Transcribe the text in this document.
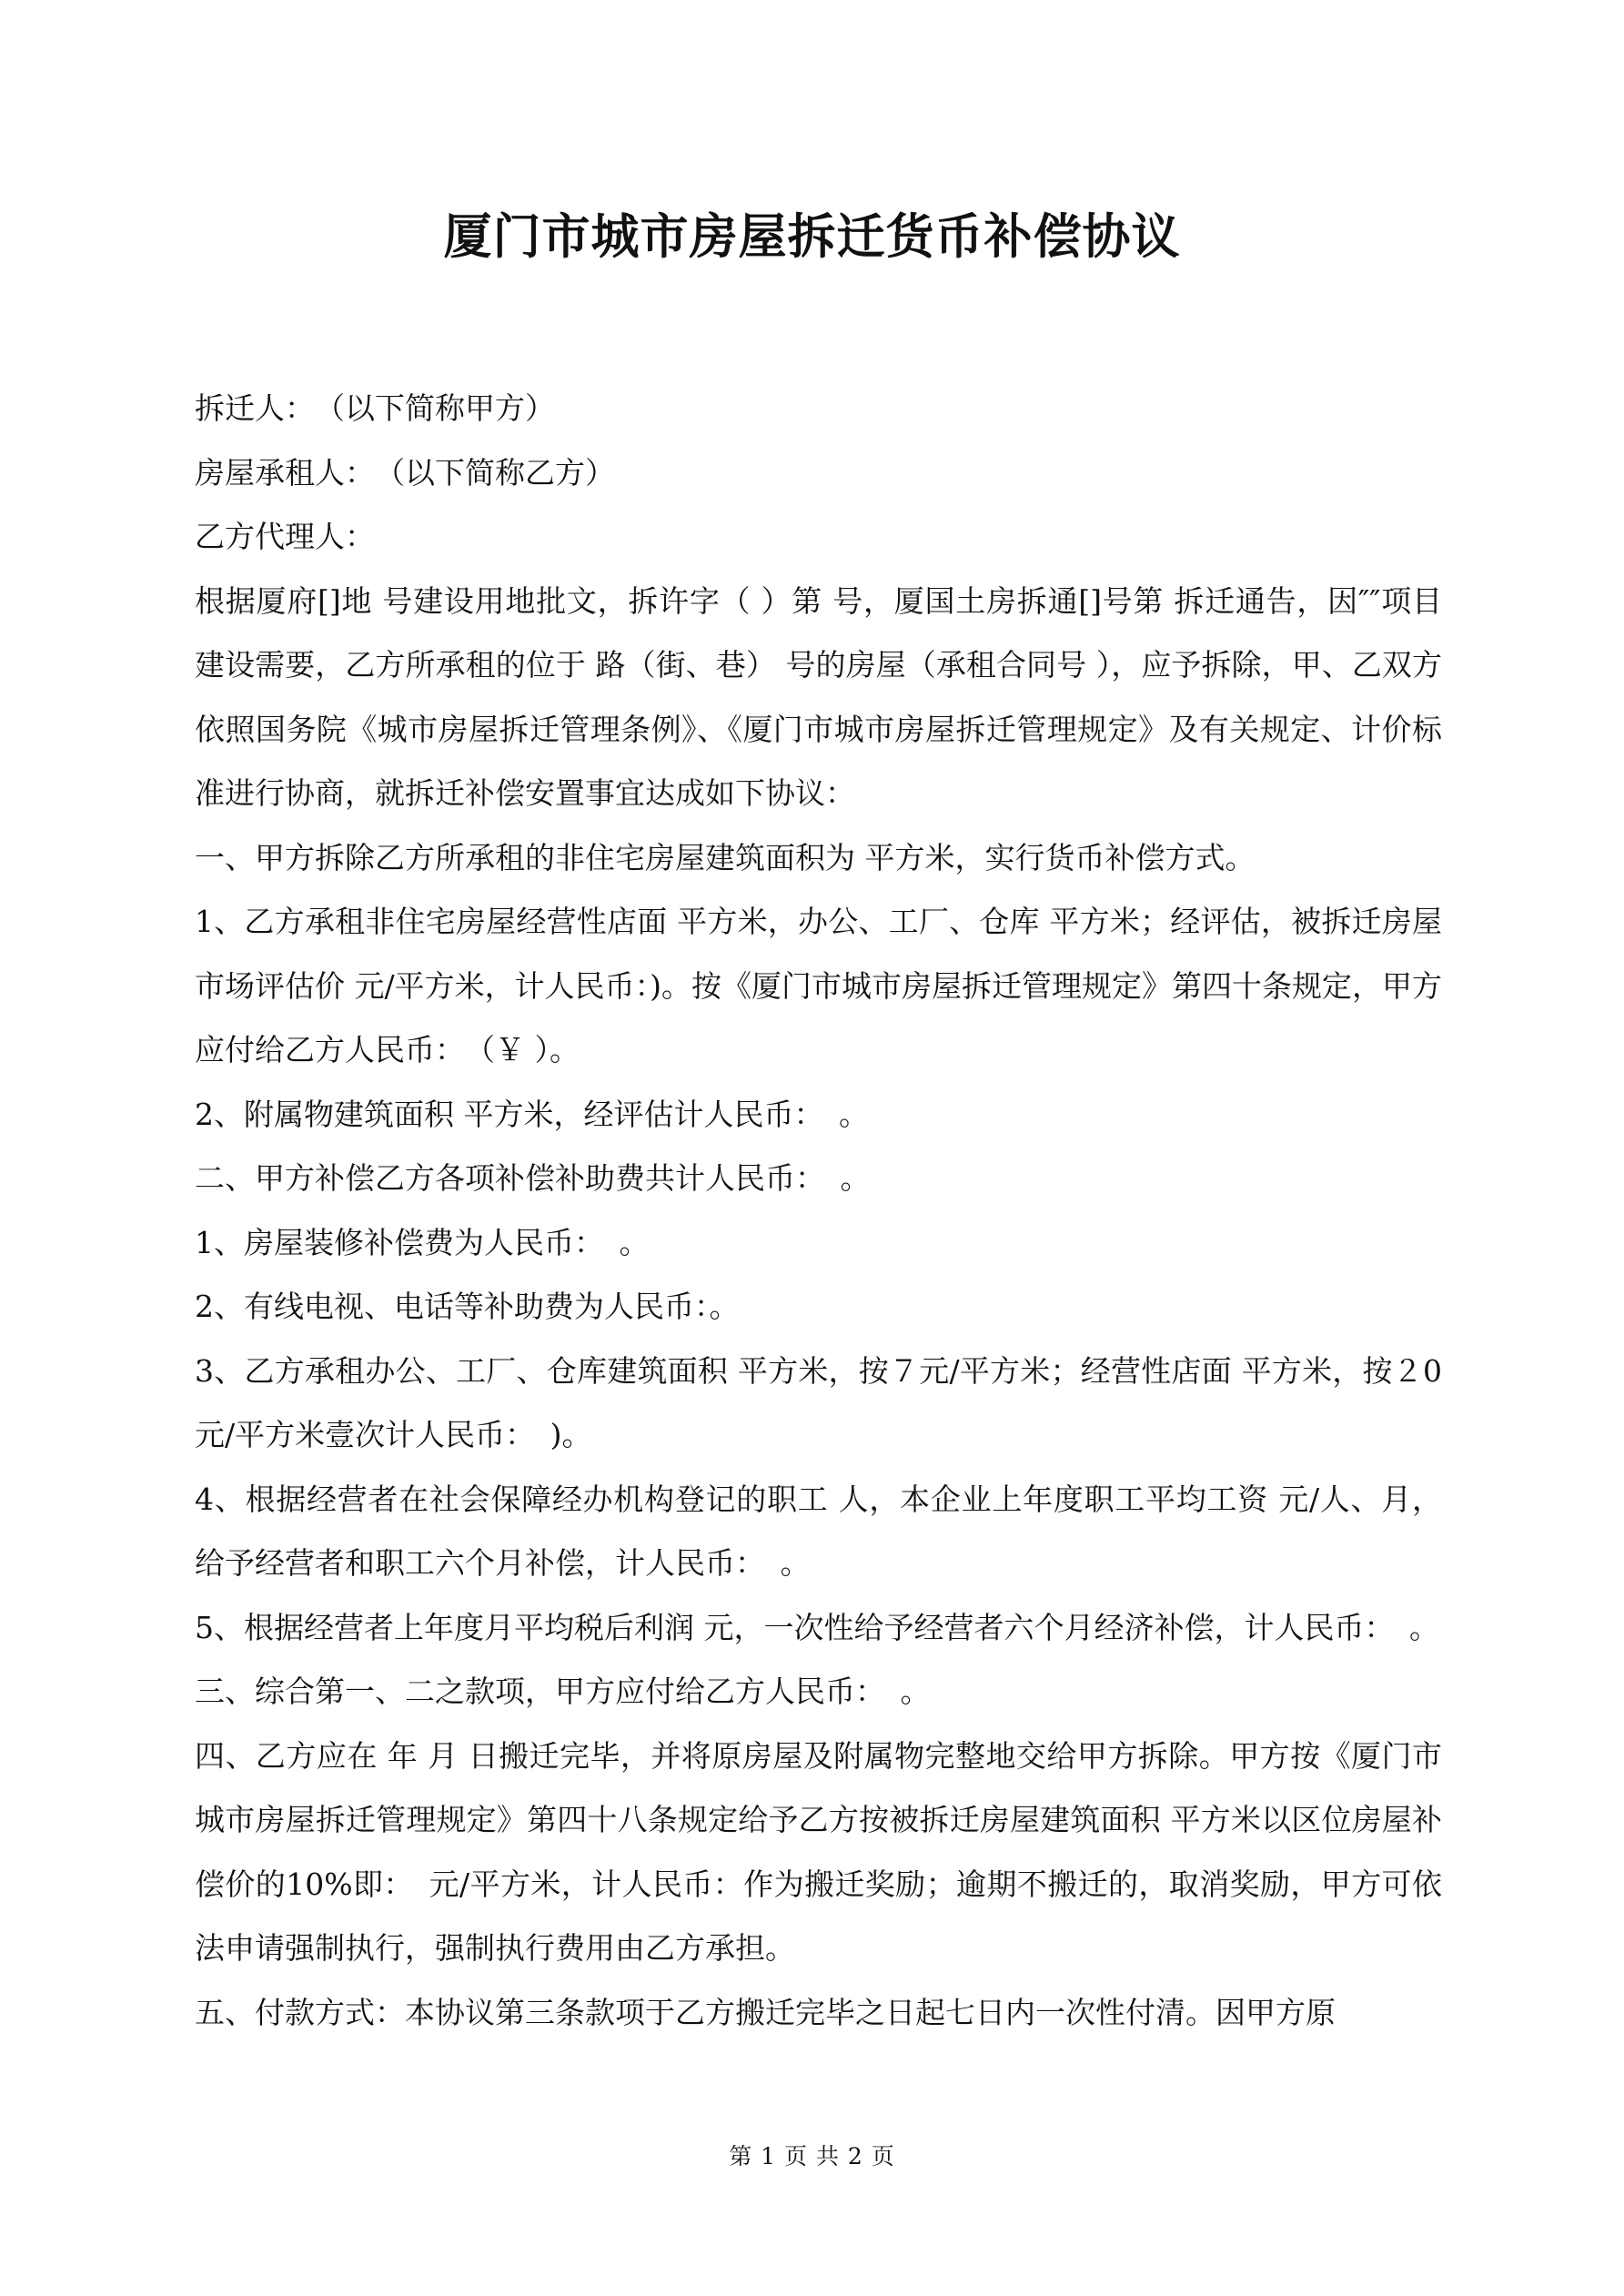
厦门市城市房屋拆迁货币补偿协议

拆迁人：　（以下简称甲方）

房屋承租人：　（以下简称乙方）

乙方代理人：

根据厦府[]地 号建设用地批文，拆许字（ ）第 号，厦国土房拆通[]号第 拆迁通告，因″″项目建设需要，乙方所承租的位于 路（街、巷） 号的房屋（承租合同号 ），应予拆除，甲、乙双方依照国务院《城市房屋拆迁管理条例》、《厦门市城市房屋拆迁管理规定》及有关规定、计价标准进行协商，就拆迁补偿安置事宜达成如下协议：

一、甲方拆除乙方所承租的非住宅房屋建筑面积为 平方米，实行货币补偿方式。

1、乙方承租非住宅房屋经营性店面 平方米，办公、工厂、仓库 平方米；经评估，被拆迁房屋市场评估价 元/平方米，计人民币：)。按《厦门市城市房屋拆迁管理规定》第四十条规定，甲方应付给乙方人民币：　（￥ ）。

2、附属物建筑面积 平方米，经评估计人民币：　。

二、甲方补偿乙方各项补偿补助费共计人民币：　。

1、房屋装修补偿费为人民币：　。

2、有线电视、电话等补助费为人民币：。

3、乙方承租办公、工厂、仓库建筑面积 平方米，按７元/平方米；经营性店面 平方米，按２0元/平方米壹次计人民币：　)。

4、根据经营者在社会保障经办机构登记的职工 人，本企业上年度职工平均工资 元/人、月，给予经营者和职工六个月补偿，计人民币：　。

5、根据经营者上年度月平均税后利润 元，一次性给予经营者六个月经济补偿，计人民币：　。

三、综合第一、二之款项，甲方应付给乙方人民币：　。

四、乙方应在 年 月 日搬迁完毕，并将原房屋及附属物完整地交给甲方拆除。甲方按《厦门市城市房屋拆迁管理规定》第四十八条规定给予乙方按被拆迁房屋建筑面积 平方米以区位房屋补偿价的10%即：　元/平方米，计人民币：作为搬迁奖励；逾期不搬迁的，取消奖励，甲方可依法申请强制执行，强制执行费用由乙方承担。

五、付款方式：本协议第三条款项于乙方搬迁完毕之日起七日内一次性付清。因甲方原

第 1 页 共 2 页
